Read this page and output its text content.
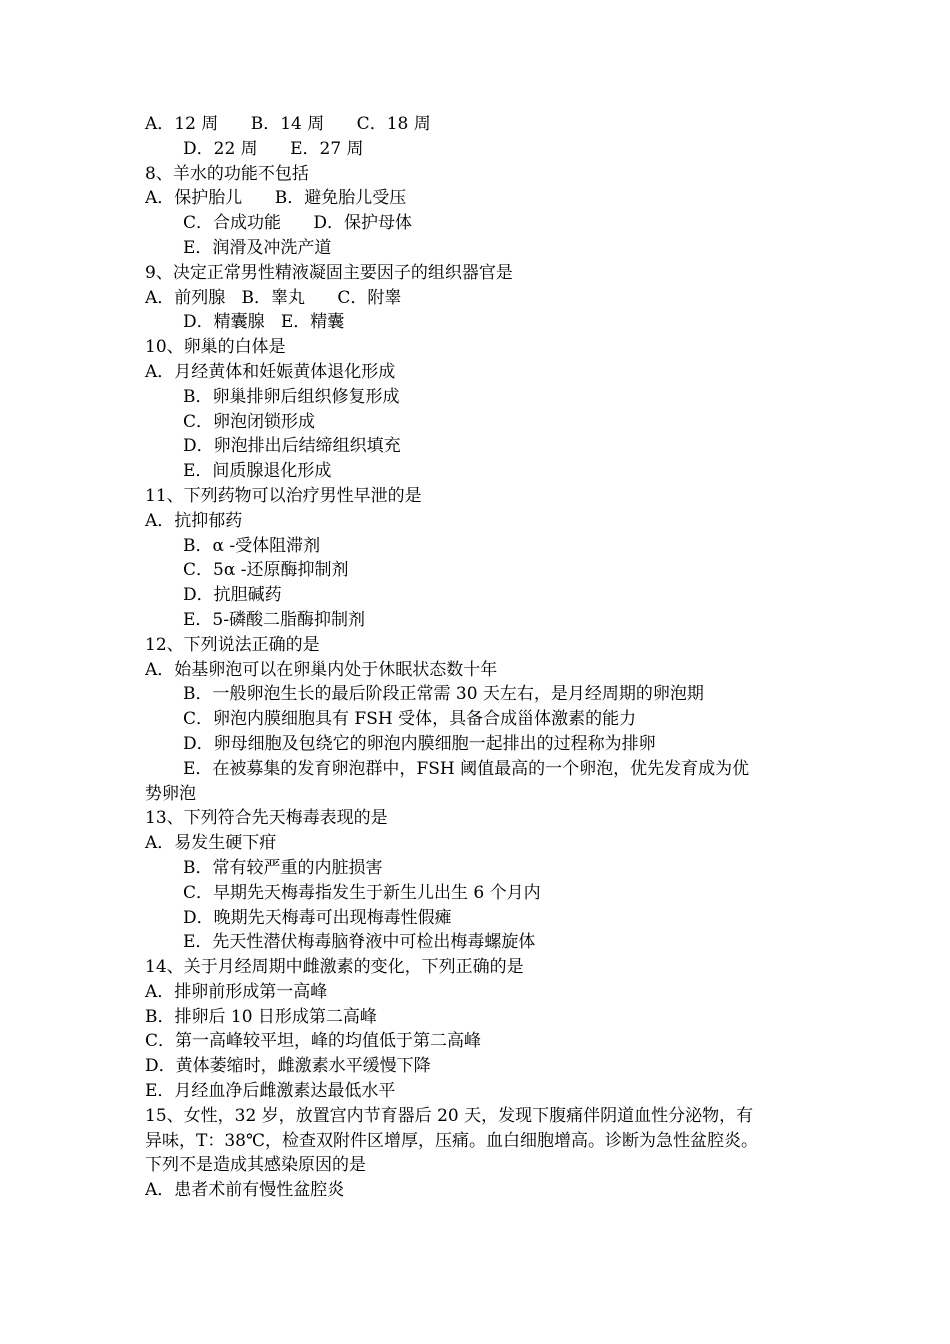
A．12 周      B．14 周      C．18 周
D．22 周      E．27 周
8、羊水的功能不包括
A．保护胎儿      B．避免胎儿受压
C．合成功能      D．保护母体
E．润滑及冲洗产道
9、决定正常男性精液凝固主要因子的组织器官是
A．前列腺   B．睾丸      C．附睾
D．精囊腺   E．精囊
10、卵巢的白体是
A．月经黄体和妊娠黄体退化形成
B．卵巢排卵后组织修复形成
C．卵泡闭锁形成
D．卵泡排出后结缔组织填充
E．间质腺退化形成
11、下列药物可以治疗男性早泄的是
A．抗抑郁药
B．α -受体阻滞剂
C．5α -还原酶抑制剂
D．抗胆碱药
E．5-磷酸二脂酶抑制剂
12、下列说法正确的是
A．始基卵泡可以在卵巢内处于休眠状态数十年
B．一般卵泡生长的最后阶段正常需 30 天左右，是月经周期的卵泡期
C．卵泡内膜细胞具有 FSH 受体，具备合成甾体激素的能力
D．卵母细胞及包绕它的卵泡内膜细胞一起排出的过程称为排卵
E．在被募集的发育卵泡群中，FSH 阈值最高的一个卵泡，优先发育成为优
势卵泡
13、下列符合先天梅毒表现的是
A．易发生硬下疳
B．常有较严重的内脏损害
C．早期先天梅毒指发生于新生儿出生 6 个月内
D．晚期先天梅毒可出现梅毒性假瘫
E．先天性潜伏梅毒脑脊液中可检出梅毒螺旋体
14、关于月经周期中雌激素的变化，下列正确的是
A．排卵前形成第一高峰
B．排卵后 10 日形成第二高峰
C．第一高峰较平坦，峰的均值低于第二高峰
D．黄体萎缩时，雌激素水平缓慢下降
E．月经血净后雌激素达最低水平
15、女性，32 岁，放置宫内节育器后 20 天，发现下腹痛伴阴道血性分泌物，有
异味，T：38℃，检查双附件区增厚，压痛。血白细胞增高。诊断为急性盆腔炎。
下列不是造成其感染原因的是
A．患者术前有慢性盆腔炎
